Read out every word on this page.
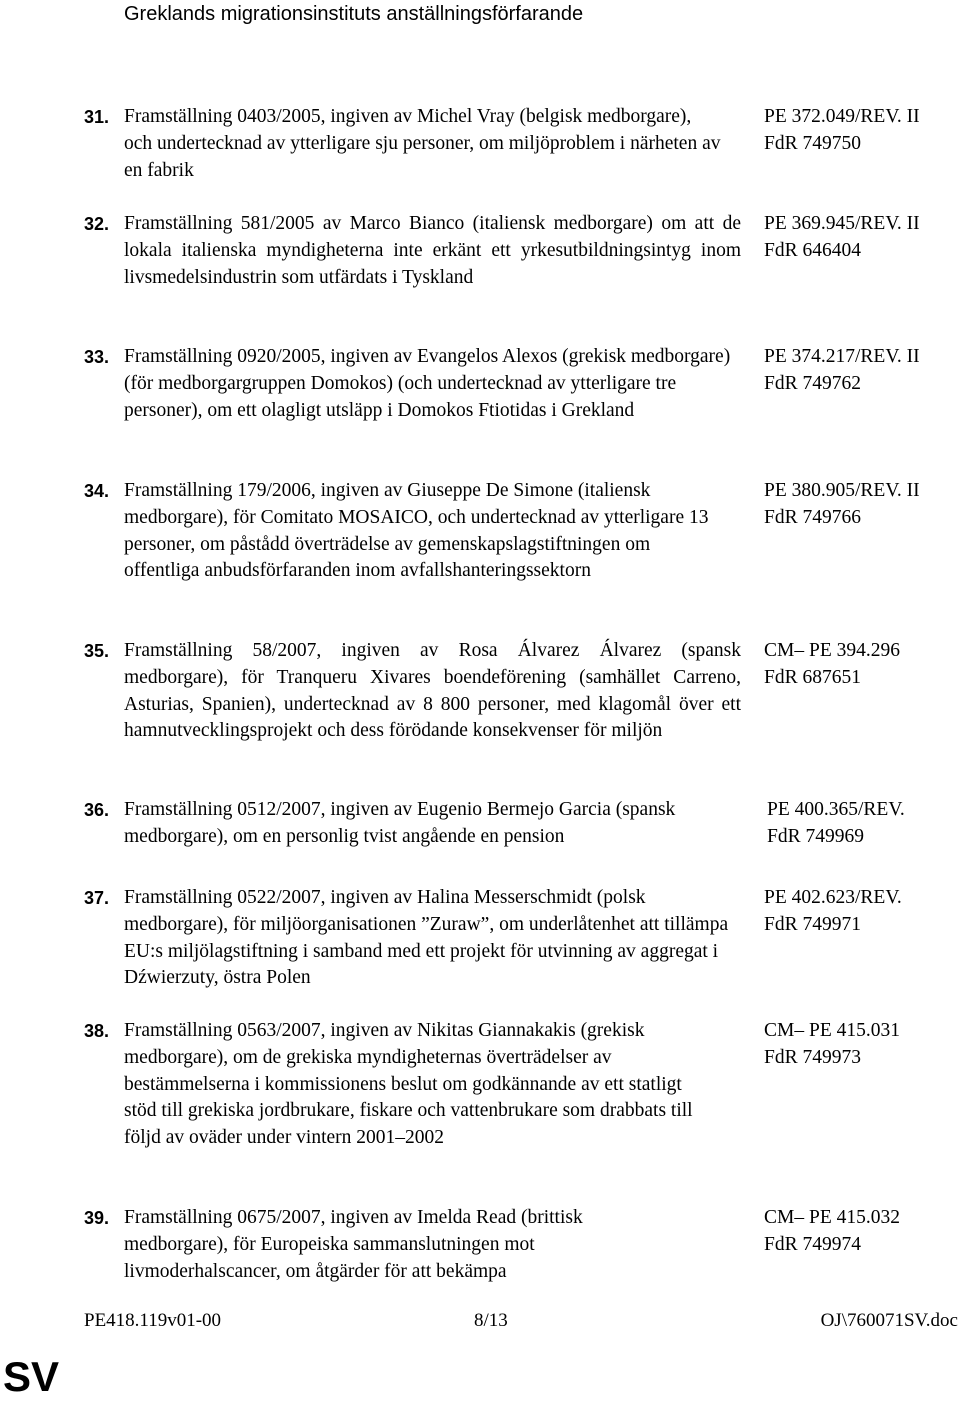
Greklands migrationsinstituts anställningsförfarande
31. Framställning 0403/2005, ingiven av Michel Vray (belgisk medborgare), och undertecknad av ytterligare sju personer, om miljöproblem i närheten av en fabrik
PE 372.049/REV. II
FdR 749750
32. Framställning 581/2005 av Marco Bianco (italiensk medborgare) om att de lokala italienska myndigheterna inte erkänt ett yrkesutbildningsintyg inom livsmedelsindustrin som utfärdats i Tyskland
PE 369.945/REV. II
FdR 646404
33. Framställning 0920/2005, ingiven av Evangelos Alexos (grekisk medborgare) (för medborgargruppen Domokos) (och undertecknad av ytterligare tre personer), om ett olagligt utsläpp i Domokos Ftiotidas i Grekland
PE 374.217/REV. II
FdR 749762
34. Framställning 179/2006, ingiven av Giuseppe De Simone (italiensk medborgare), för Comitato MOSAICO, och undertecknad av ytterligare 13 personer, om påstådd överträdelse av gemenskapslagstiftningen om offentliga anbudsförfaranden inom avfallshanteringssektorn
PE 380.905/REV. II
FdR 749766
35. Framställning 58/2007, ingiven av Rosa Álvarez Álvarez (spansk medborgare), för Tranqueru Xivares boendeförening (samhället Carreno, Asturias, Spanien), undertecknad av 8 800 personer, med klagomål över ett hamnutvecklingsprojekt och dess förödande konsekvenser för miljön
CM– PE 394.296
FdR 687651
36. Framställning 0512/2007, ingiven av Eugenio Bermejo Garcia (spansk medborgare), om en personlig tvist angående en pension
PE 400.365/REV.
FdR 749969
37. Framställning 0522/2007, ingiven av Halina Messerschmidt (polsk medborgare), för miljöorganisationen ”Zuraw”, om underlåtenhet att tillämpa EU:s miljölagstiftning i samband med ett projekt för utvinning av aggregat i Dźwierzuty, östra Polen
PE 402.623/REV.
FdR 749971
38. Framställning 0563/2007, ingiven av Nikitas Giannakakis (grekisk medborgare), om de grekiska myndigheternas överträdelser av bestämmelserna i kommissionens beslut om godkännande av ett statligt stöd till grekiska jordbrukare, fiskare och vattenbrukare som drabbats till följd av oväder under vintern 2001–2002
CM– PE 415.031
FdR 749973
39. Framställning 0675/2007, ingiven av Imelda Read (brittisk medborgare), för Europeiska sammanslutningen mot livmoderhalscancer, om åtgärder för att bekämpa
CM– PE 415.032
FdR 749974
PE418.119v01-00	8/13	OJ\760071SV.doc
SV
